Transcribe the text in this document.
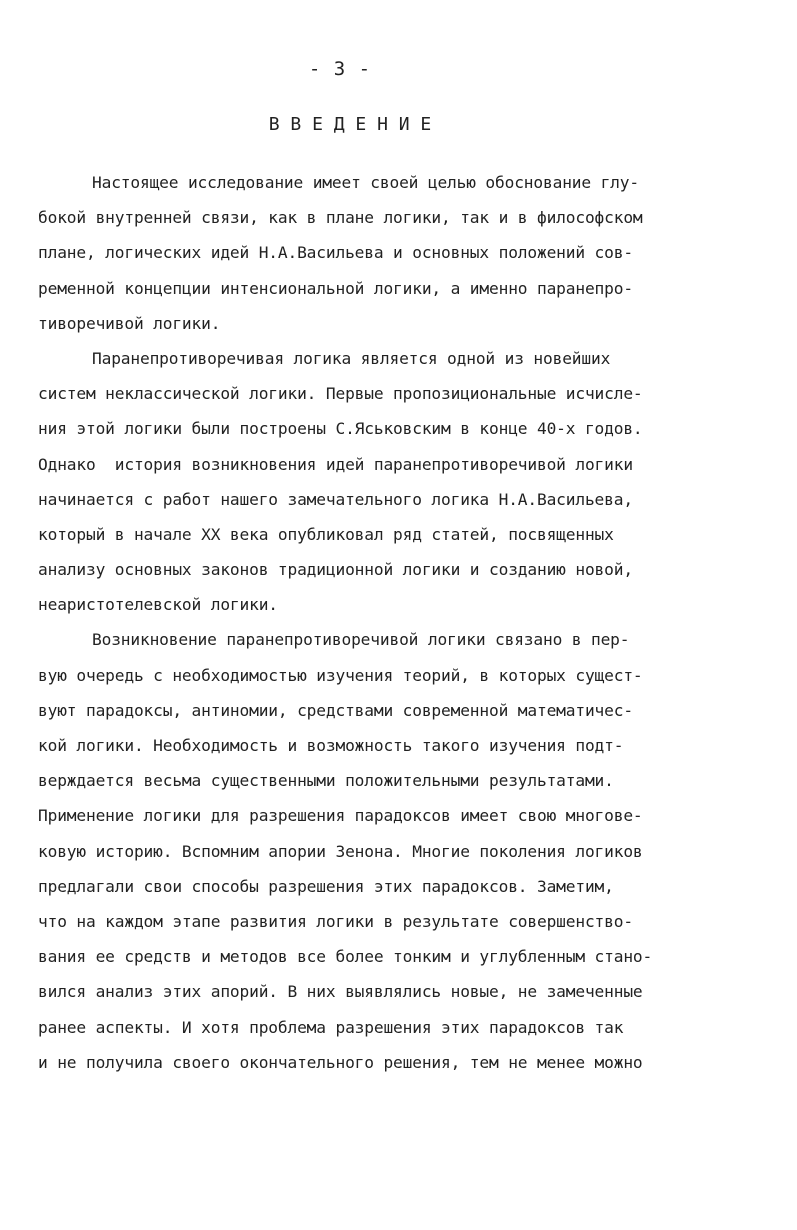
- 3 -
В В Е Д Е Н И Е
Настоящее исследование имеет своей целью обоснование глу-
бокой внутренней связи, как в плане логики, так и в философском
плане, логических идей Н.А.Васильева и основных положений сов-
ременной концепции интенсиональной логики, а именно паранепро-
тиворечивой логики.
Паранепротиворечивая логика является одной из новейших
систем неклассической логики. Первые пропозициональные исчисле-
ния этой логики были построены С.Яськовским в конце 40-х годов.
Однако  история возникновения идей паранепротиворечивой логики
начинается с работ нашего замечательного логика Н.А.Васильева,
который в начале XX века опубликовал ряд статей, посвященных
анализу основных законов традиционной логики и созданию новой,
неаристотелевской логики.
Возникновение паранепротиворечивой логики связано в пер-
вую очередь с необходимостью изучения теорий, в которых сущест-
вуют парадоксы, антиномии, средствами современной математичес-
кой логики. Необходимость и возможность такого изучения подт-
верждается весьма существенными положительными результатами.
Применение логики для разрешения парадоксов имеет свою многове-
ковую историю. Вспомним апории Зенона. Многие поколения логиков
предлагали свои способы разрешения этих парадоксов. Заметим,
что на каждом этапе развития логики в результате совершенство-
вания ее средств и методов все более тонким и углубленным стано-
вился анализ этих апорий. В них выявлялись новые, не замеченные
ранее аспекты. И хотя проблема разрешения этих парадоксов так
и не получила своего окончательного решения, тем не менее можно
